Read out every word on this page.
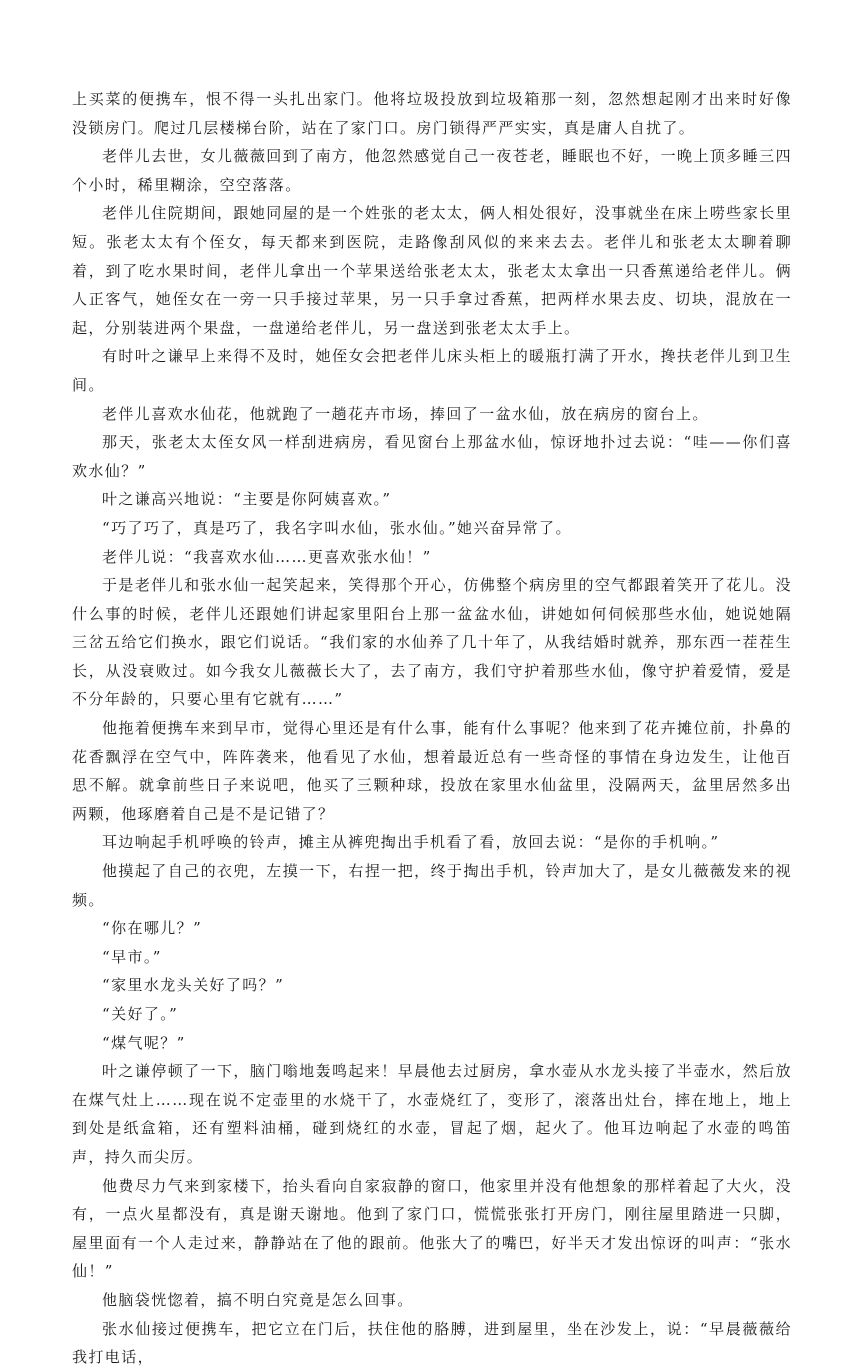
上买菜的便携车，恨不得一头扎出家门。他将垃圾投放到垃圾箱那一刻，忽然想起刚才出来时好像没锁房门。爬过几层楼梯台阶，站在了家门口。房门锁得严严实实，真是庸人自扰了。

老伴儿去世，女儿薇薇回到了南方，他忽然感觉自己一夜苍老，睡眠也不好，一晚上顶多睡三四个小时，稀里糊涂，空空落落。

老伴儿住院期间，跟她同屋的是一个姓张的老太太，俩人相处很好，没事就坐在床上唠些家长里短。张老太太有个侄女，每天都来到医院，走路像刮风似的来来去去。老伴儿和张老太太聊着聊着，到了吃水果时间，老伴儿拿出一个苹果送给张老太太，张老太太拿出一只香蕉递给老伴儿。俩人正客气，她侄女在一旁一只手接过苹果，另一只手拿过香蕉，把两样水果去皮、切块，混放在一起，分别装进两个果盘，一盘递给老伴儿，另一盘送到张老太太手上。

有时叶之谦早上来得不及时，她侄女会把老伴儿床头柜上的暖瓶打满了开水，搀扶老伴儿到卫生间。

老伴儿喜欢水仙花，他就跑了一趟花卉市场，捧回了一盆水仙，放在病房的窗台上。

那天，张老太太侄女风一样刮进病房，看见窗台上那盆水仙，惊讶地扑过去说：“哇——你们喜欢水仙？”

叶之谦高兴地说：“主要是你阿姨喜欢。”

“巧了巧了，真是巧了，我名字叫水仙，张水仙。”她兴奋异常了。

老伴儿说：“我喜欢水仙……更喜欢张水仙！”

于是老伴儿和张水仙一起笑起来，笑得那个开心，仿佛整个病房里的空气都跟着笑开了花儿。没什么事的时候，老伴儿还跟她们讲起家里阳台上那一盆盆水仙，讲她如何伺候那些水仙，她说她隔三岔五给它们换水，跟它们说话。“我们家的水仙养了几十年了，从我结婚时就养，那东西一茬茬生长，从没衰败过。如今我女儿薇薇长大了，去了南方，我们守护着那些水仙，像守护着爱情，爱是不分年龄的，只要心里有它就有……”

他拖着便携车来到早市，觉得心里还是有什么事，能有什么事呢？他来到了花卉摊位前，扑鼻的花香飘浮在空气中，阵阵袭来，他看见了水仙，想着最近总有一些奇怪的事情在身边发生，让他百思不解。就拿前些日子来说吧，他买了三颗种球，投放在家里水仙盆里，没隔两天，盆里居然多出两颗，他琢磨着自己是不是记错了？

耳边响起手机呼唤的铃声，摊主从裤兜掏出手机看了看，放回去说：“是你的手机响。”

他摸起了自己的衣兜，左摸一下，右捏一把，终于掏出手机，铃声加大了，是女儿薇薇发来的视频。

“你在哪儿？”

“早市。”

“家里水龙头关好了吗？”

“关好了。”

“煤气呢？”

叶之谦停顿了一下，脑门嗡地轰鸣起来！早晨他去过厨房，拿水壶从水龙头接了半壶水，然后放在煤气灶上……现在说不定壶里的水烧干了，水壶烧红了，变形了，滚落出灶台，摔在地上，地上到处是纸盒箱，还有塑料油桶，碰到烧红的水壶，冒起了烟，起火了。他耳边响起了水壶的鸣笛声，持久而尖厉。

他费尽力气来到家楼下，抬头看向自家寂静的窗口，他家里并没有他想象的那样着起了大火，没有，一点火星都没有，真是谢天谢地。他到了家门口，慌慌张张打开房门，刚往屋里踏进一只脚，屋里面有一个人走过来，静静站在了他的跟前。他张大了的嘴巴，好半天才发出惊讶的叫声：“张水仙！”

他脑袋恍惚着，搞不明白究竟是怎么回事。

张水仙接过便携车，把它立在门后，扶住他的胳膊，进到屋里，坐在沙发上，说：“早晨薇薇给我打电话，
